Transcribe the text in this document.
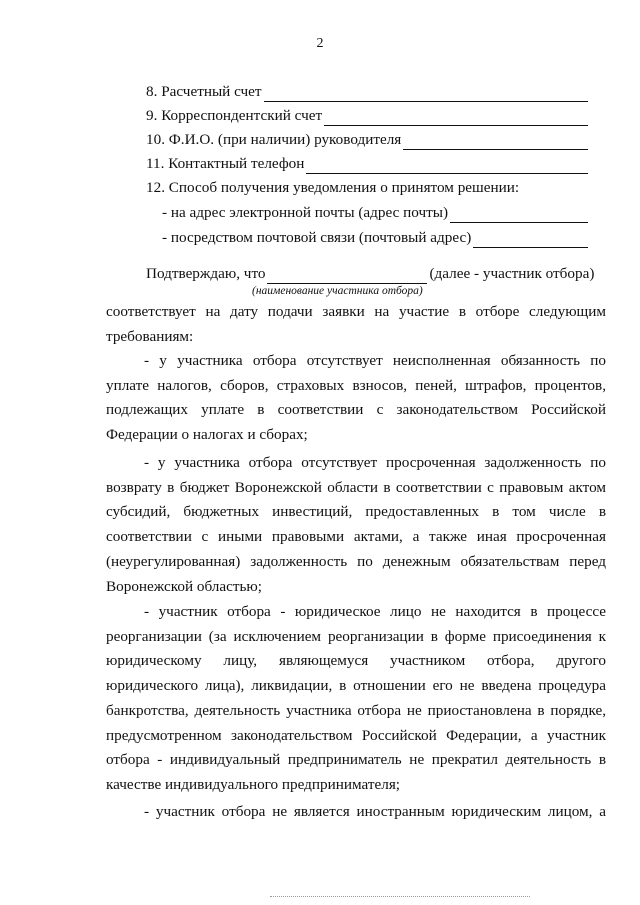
2
8. Расчетный счет
9. Корреспондентский счет
10. Ф.И.О. (при наличии) руководителя
11. Контактный телефон
12. Способ получения уведомления о принятом решении:
- на адрес электронной почты (адрес почты)
- посредством почтовой связи (почтовый адрес)
Подтверждаю, что	(далее - участник отбора)
(наименование участника отбора)
соответствует на дату подачи заявки на участие в отборе следующим требованиям:
- у участника отбора отсутствует неисполненная обязанность по уплате налогов, сборов, страховых взносов, пеней, штрафов, процентов, подлежащих уплате в соответствии с законодательством Российской Федерации о налогах и сборах;
- у участника отбора отсутствует просроченная задолженность по возврату в бюджет Воронежской области в соответствии с правовым актом субсидий, бюджетных инвестиций, предоставленных в том числе в соответствии с иными правовыми актами, а также иная просроченная (неурегулированная) задолженность по денежным обязательствам перед Воронежской областью;
- участник отбора - юридическое лицо не находится в процессе реорганизации (за исключением реорганизации в форме присоединения к юридическому лицу, являющемуся участником отбора, другого юридического лица), ликвидации, в отношении его не введена процедура банкротства, деятельность участника отбора не приостановлена в порядке, предусмотренном законодательством Российской Федерации, а участник отбора - индивидуальный предприниматель не прекратил деятельность в качестве индивидуального предпринимателя;
- участник отбора не является иностранным юридическим лицом, а
